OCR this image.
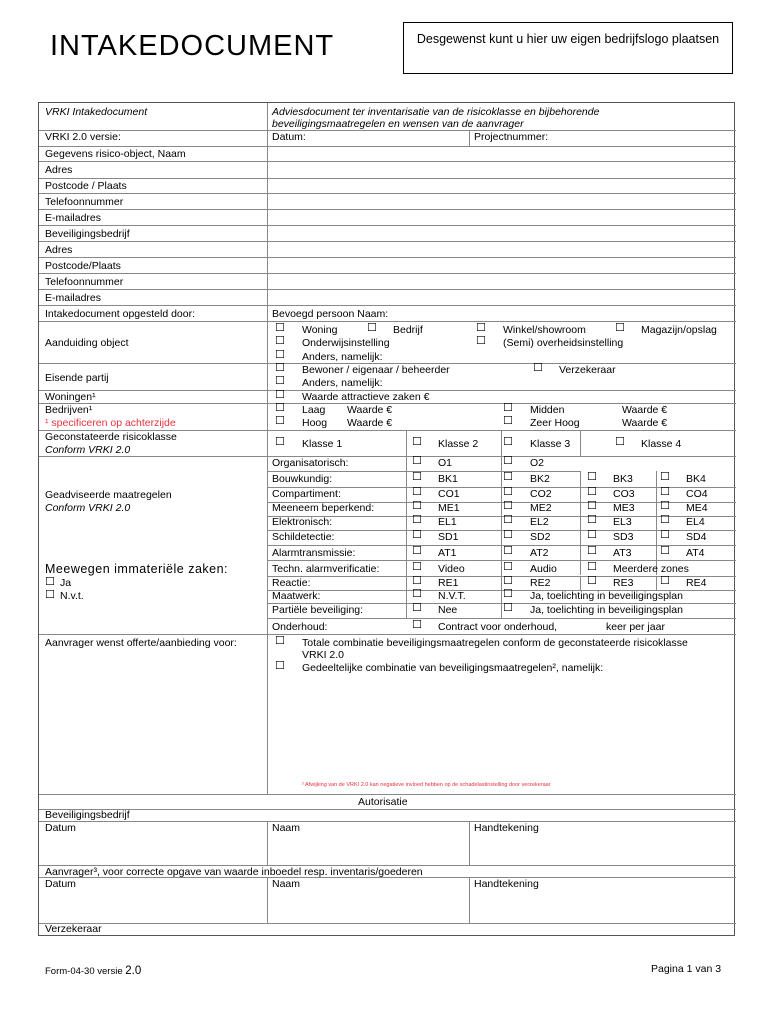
INTAKEDOCUMENT	Desgewenst kunt u hier uw eigen bedrijfslogo plaatsen
VRKI Intakedocument	Adviesdocument ter inventarisatie van de risicoklasse en bijbehorende beveiligingsmaatregelen en wensen van de aanvrager
VRKI 2.0 versie:	Datum:	Projectnummer:
Gegevens risico-object, Naam
Adres
Postcode / Plaats
Telefoonnummer
E-mailadres
Beveiligingsbedrijf
Adres
Postcode/Plaats
Telefoonnummer
E-mailadres
Intakedocument opgesteld door:	Bevoegd persoon Naam:
Aanduiding object
☐ Woning	☐ Bedrijf	☐ Winkel/showroom	☐ Magazijn/opslag
☐ Onderwijsinstelling	☐ (Semi) overheidsinstelling
☐ Anders, namelijk:
Eisende partij
☐ Bewoner / eigenaar / beheerder	☐ Verzekeraar
☐ Anders, namelijk:
Woningen¹	☐ Waarde attractieve zaken €
Bedrijven¹
¹ specificeren op achterzijde
☐ Laag Waarde €	☐ Midden	Waarde €
☐ Hoog Waarde €	☐ Zeer Hoog	Waarde €
Geconstateerde risicoklasse
Conform VRKI 2.0
☐ Klasse 1	☐ Klasse 2 ☐ Klasse 3	☐ Klasse 4
Geadviseerde maatregelen
Conform VRKI 2.0
Meewegen immateriële zaken:
☐ Ja
☐ N.v.t.
Organisatorisch:	☐ O1	☐ O2
Bouwkundig:	☐ BK1	☐ BK2	☐ BK3 ☐ BK4
Compartiment:	☐ CO1	☐ CO2	☐ CO3 ☐ CO4
Meeneem beperkend:	☐ ME1	☐ ME2	☐ ME3 ☐ ME4
Elektronisch:	☐ EL1	☐ EL2	☐ EL3	☐ EL4
Schildetectie:	☐ SD1	☐ SD2	☐ SD3 ☐ SD4
Alarmtransmissie:	☐ AT1	☐ AT2	☐ AT3	☐ AT4
Techn. alarmverificatie:	☐ Video	☐ Audio	☐ Meerdere zones
Reactie:	☐ RE1	☐ RE2	☐ RE3 ☐ RE4
Maatwerk:	☐ N.V.T.	☐ Ja, toelichting in beveiligingsplan
Partiële beveiliging:	☐ Nee	☐ Ja, toelichting in beveiligingsplan
Onderhoud:	☐ Contract voor onderhoud,	keer per jaar
Aanvrager wenst offerte/aanbieding voor:	☐ Totale combinatie beveiligingsmaatregelen conform de geconstateerde risicoklasse VRKI 2.0
☐ Gedeeltelijke combinatie van beveiligingsmaatregelen², namelijk:
² Afwijking van de VRKI 2.0 kan negatieve invloed hebben op de schadelastinstelling door verzekeraar
Autorisatie
Beveiligingsbedrijf
Datum	Naam	Handtekening
Aanvrager³, voor correcte opgave van waarde inboedel resp. inventaris/goederen
Datum	Naam	Handtekening
Verzekeraar
Form-04-30 versie 2.0	Pagina 1 van 3
